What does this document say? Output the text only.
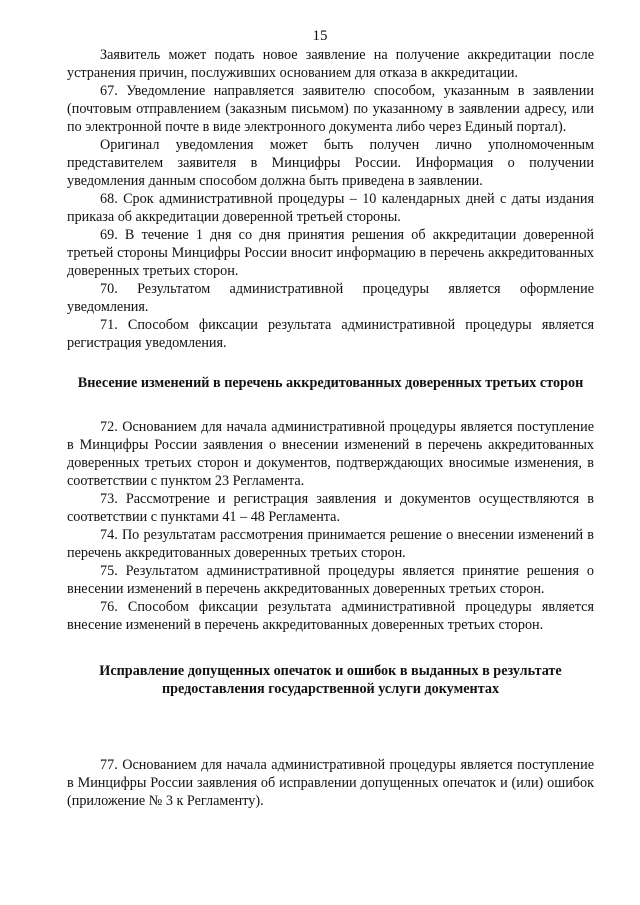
15

Заявитель может подать новое заявление на получение аккредитации после устранения причин, послуживших основанием для отказа в аккредитации.

67. Уведомление направляется заявителю способом, указанным в заявлении (почтовым отправлением (заказным письмом) по указанному в заявлении адресу, или по электронной почте в виде электронного документа либо через Единый портал).

Оригинал уведомления может быть получен лично уполномоченным представителем заявителя в Минцифры России. Информация о получении уведомления данным способом должна быть приведена в заявлении.

68. Срок административной процедуры – 10 календарных дней с даты издания приказа об аккредитации доверенной третьей стороны.

69. В течение 1 дня со дня принятия решения об аккредитации доверенной третьей стороны Минцифры России вносит информацию в перечень аккредитованных доверенных третьих сторон.

70. Результатом административной процедуры является оформление уведомления.

71. Способом фиксации результата административной процедуры является регистрация уведомления.

Внесение изменений в перечень аккредитованных доверенных третьих сторон

72. Основанием для начала административной процедуры является поступление в Минцифры России заявления о внесении изменений в перечень аккредитованных доверенных третьих сторон и документов, подтверждающих вносимые изменения, в соответствии с пунктом 23 Регламента.

73. Рассмотрение и регистрация заявления и документов осуществляются в соответствии с пунктами 41 – 48 Регламента.

74. По результатам рассмотрения принимается решение о внесении изменений в перечень аккредитованных доверенных третьих сторон.

75. Результатом административной процедуры является принятие решения о внесении изменений в перечень аккредитованных доверенных третьих сторон.

76. Способом фиксации результата административной процедуры является внесение изменений в перечень аккредитованных доверенных третьих сторон.

Исправление допущенных опечаток и ошибок в выданных в результате предоставления государственной услуги документах

77. Основанием для начала административной процедуры является поступление в Минцифры России заявления об исправлении допущенных опечаток и (или) ошибок (приложение № 3 к Регламенту).
